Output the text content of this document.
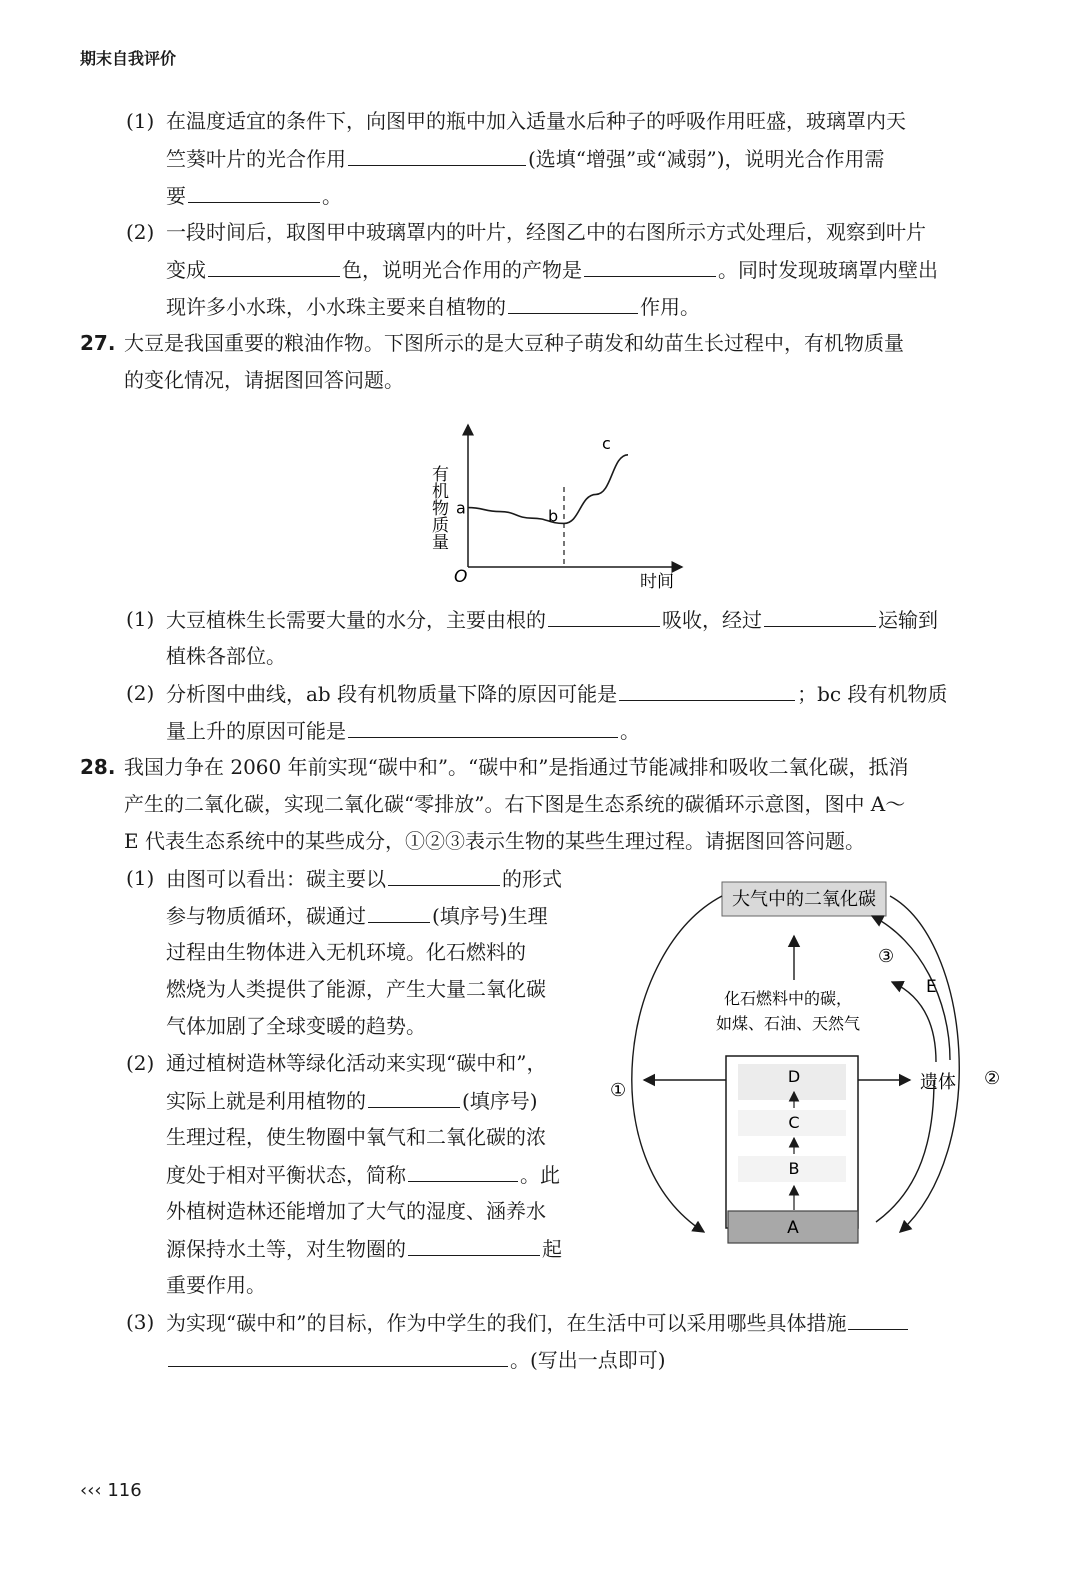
期末自我评价
(1) 在温度适宜的条件下，向图甲的瓶中加入适量水后种子的呼吸作用旺盛，玻璃罩内天
竺葵叶片的光合作用	(选填“增强”或“减弱”)，说明光合作用需
要	。
(2) 一段时间后，取图甲中玻璃罩内的叶片，经图乙中的右图所示方式处理后，观察到叶片
变成	色，说明光合作用的产物是	。同时发现玻璃罩内壁出
现许多小水珠，小水珠主要来自植物的	作用。
27. 大豆是我国重要的粮油作物。下图所示的是大豆种子萌发和幼苗生长过程中，有机物质量
的变化情况，请据图回答问题。
有机物质量
时间
O
a	b
c
(1) 大豆植株生长需要大量的水分，主要由根的	吸收，经过	运输到
植株各部位。
(2) 分析图中曲线，ab 段有机物质量下降的原因可能是	；bc 段有机物质
量上升的原因可能是	。
28. 我国力争在 2060 年前实现“碳中和”。“碳中和”是指通过节能减排和吸收二氧化碳，抵消
产生的二氧化碳，实现二氧化碳“零排放”。右下图是生态系统的碳循环示意图，图中 A～
E 代表生态系统中的某些成分，①②③表示生物的某些生理过程。请据图回答问题。
(1) 由图可以看出：碳主要以	的形式
参与物质循环，碳通过	(填序号)生理
过程由生物体进入无机环境。化石燃料的
燃烧为人类提供了能源，产生大量二氧化碳
气体加剧了全球变暖的趋势。
(2) 通过植树造林等绿化活动来实现“碳中和”，
实际上就是利用植物的	(填序号)
生理过程，使生物圈中氧气和二氧化碳的浓
度处于相对平衡状态，简称	。此
外植树造林还能增加了大气的湿度、涵养水
源保持水土等，对生物圈的	起
重要作用。
(3) 为实现“碳中和”的目标，作为中学生的我们，在生活中可以采用哪些具体措施
。(写出一点即可)
大气中的二氧化碳
化石燃料中的碳，
如煤、石油、天然气
D
C
B
A
①	遗体
③
E
②
‹‹‹ 116
